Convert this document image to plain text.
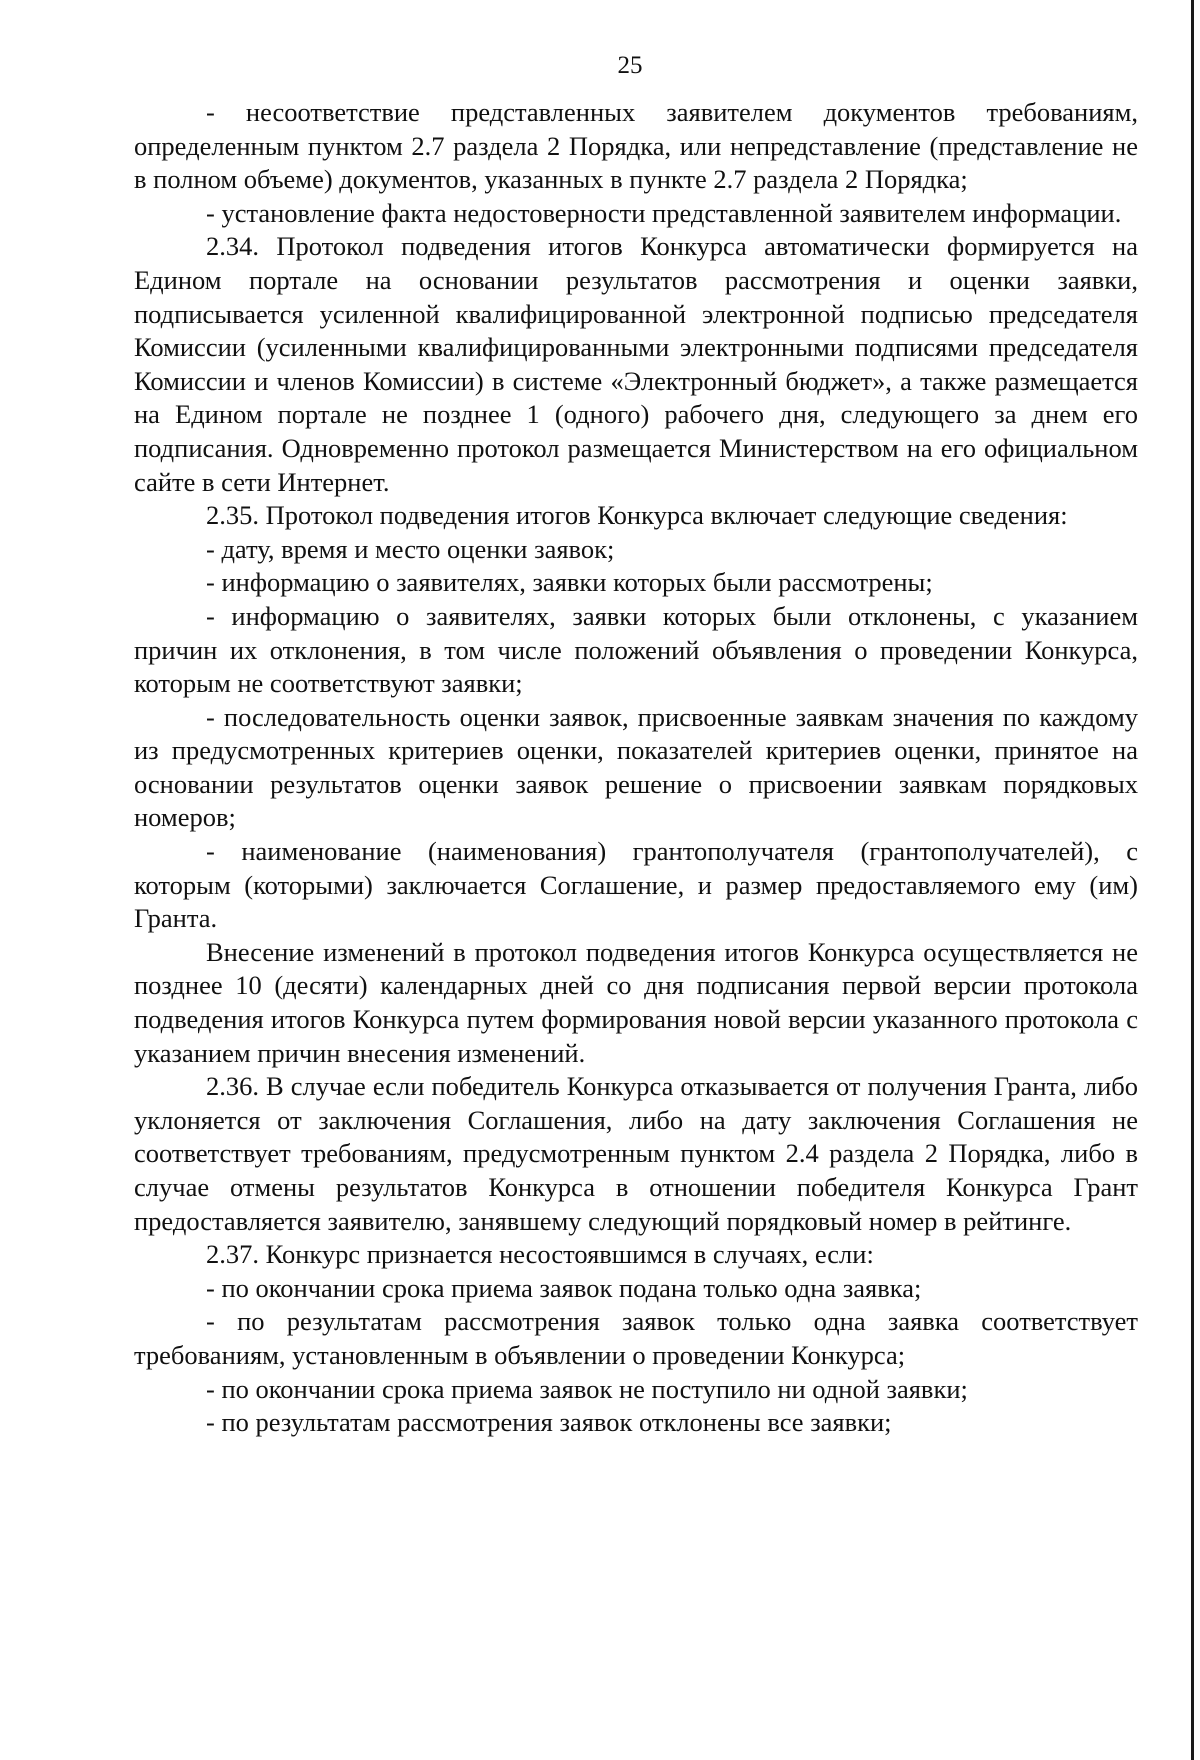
25

- несоответствие представленных заявителем документов требованиям, определенным пунктом 2.7 раздела 2 Порядка, или непредставление (представление не в полном объеме) документов, указанных в пункте 2.7 раздела 2 Порядка;

- установление факта недостоверности представленной заявителем информации.

2.34. Протокол подведения итогов Конкурса автоматически формируется на Едином портале на основании результатов рассмотрения и оценки заявки, подписывается усиленной квалифицированной электронной подписью председателя Комиссии (усиленными квалифицированными электронными подписями председателя Комиссии и членов Комиссии) в системе «Электронный бюджет», а также размещается на Едином портале не позднее 1 (одного) рабочего дня, следующего за днем его подписания. Одновременно протокол размещается Министерством на его официальном сайте в сети Интернет.

2.35. Протокол подведения итогов Конкурса включает следующие сведения:

- дату, время и место оценки заявок;

- информацию о заявителях, заявки которых были рассмотрены;

- информацию о заявителях, заявки которых были отклонены, с указанием причин их отклонения, в том числе положений объявления о проведении Конкурса, которым не соответствуют заявки;

- последовательность оценки заявок, присвоенные заявкам значения по каждому из предусмотренных критериев оценки, показателей критериев оценки, принятое на основании результатов оценки заявок решение о присвоении заявкам порядковых номеров;

- наименование (наименования) грантополучателя (грантополучателей), с которым (которыми) заключается Соглашение, и размер предоставляемого ему (им) Гранта.

Внесение изменений в протокол подведения итогов Конкурса осуществляется не позднее 10 (десяти) календарных дней со дня подписания первой версии протокола подведения итогов Конкурса путем формирования новой версии указанного протокола с указанием причин внесения изменений.

2.36. В случае если победитель Конкурса отказывается от получения Гранта, либо уклоняется от заключения Соглашения, либо на дату заключения Соглашения не соответствует требованиям, предусмотренным пунктом 2.4 раздела 2 Порядка, либо в случае отмены результатов Конкурса в отношении победителя Конкурса Грант предоставляется заявителю, занявшему следующий порядковый номер в рейтинге.

2.37. Конкурс признается несостоявшимся в случаях, если:

- по окончании срока приема заявок подана только одна заявка;

- по результатам рассмотрения заявок только одна заявка соответствует требованиям, установленным в объявлении о проведении Конкурса;

- по окончании срока приема заявок не поступило ни одной заявки;

- по результатам рассмотрения заявок отклонены все заявки;
